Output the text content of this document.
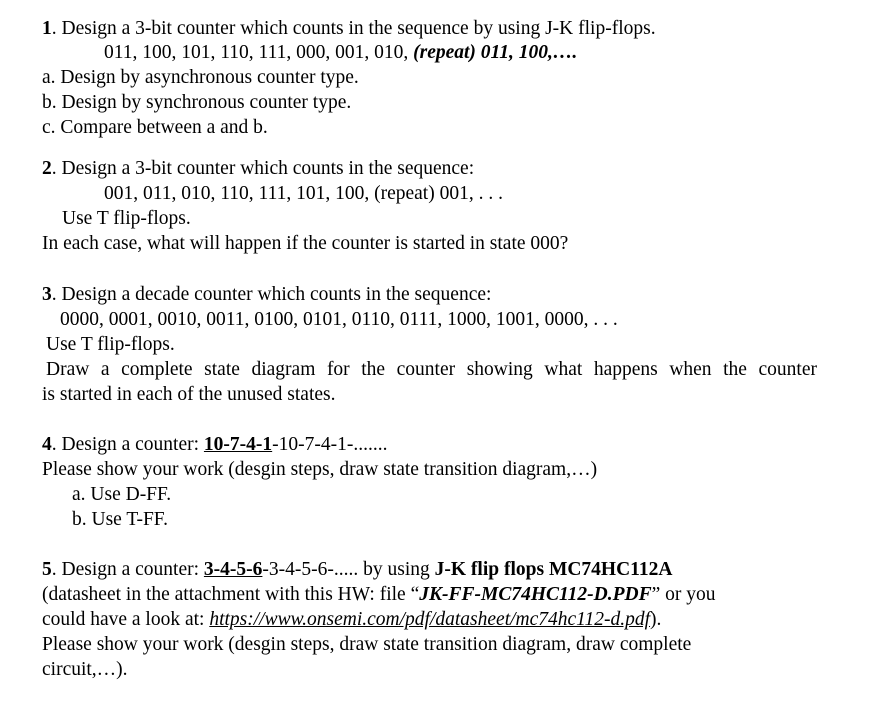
1. Design a 3-bit counter which counts in the sequence by using J-K flip-flops.
011, 100, 101, 110, 111, 000, 001, 010, (repeat) 011, 100,….
a. Design by asynchronous counter type.
b. Design by synchronous counter type.
c. Compare between a and b.
2. Design a 3-bit counter which counts in the sequence:
001, 011, 010, 110, 111, 101, 100, (repeat) 001, . . .
Use T flip-flops.
In each case, what will happen if the counter is started in state 000?
3. Design a decade counter which counts in the sequence:
0000, 0001, 0010, 0011, 0100, 0101, 0110, 0111, 1000, 1001, 0000, . . .
Use T flip-flops.
Draw a complete state diagram for the counter showing what happens when the counter
is started in each of the unused states.
4. Design a counter: 10-7-4-1-10-7-4-1-.......
Please show your work (desgin steps, draw state transition diagram,…)
a. Use D-FF.
b. Use T-FF.
5. Design a counter: 3-4-5-6-3-4-5-6-..... by using J-K flip flops MC74HC112A
(datasheet in the attachment with this HW: file “JK-FF-MC74HC112-D.PDF” or you
could have a look at: https://www.onsemi.com/pdf/datasheet/mc74hc112-d.pdf).
Please show your work (desgin steps, draw state transition diagram, draw complete
circuit,…).
